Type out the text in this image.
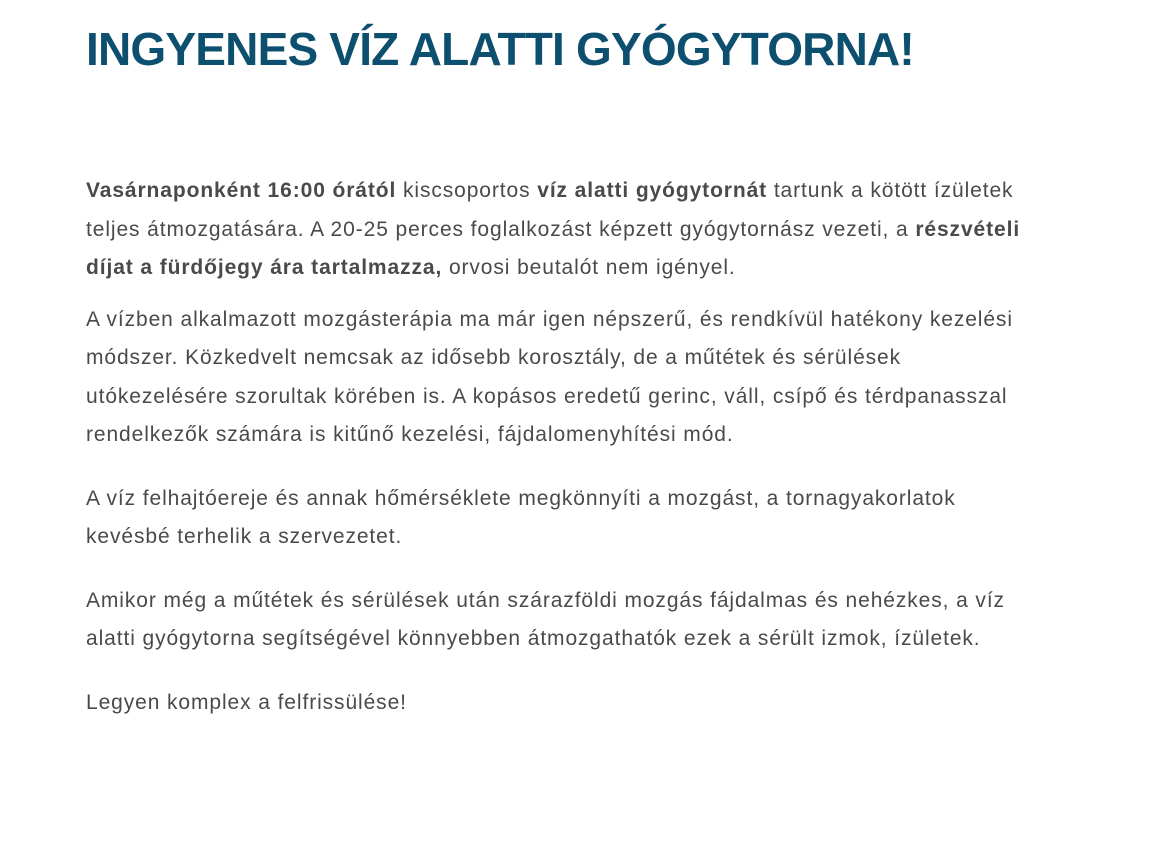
INGYENES VÍZ ALATTI GYÓGYTORNA!

Vasárnaponként 16:00 órától kiscsoportos víz alatti gyógytornát tartunk a kötött ízületek teljes átmozgatására. A 20-25 perces foglalkozást képzett gyógytornász vezeti, a részvételi díjat a fürdőjegy ára tartalmazza, orvosi beutalót nem igényel.

A vízben alkalmazott mozgásterápia ma már igen népszerű, és rendkívül hatékony kezelési módszer. Közkedvelt nemcsak az idősebb korosztály, de a műtétek és sérülések utókezelésére szorultak körében is. A kopásos eredetű gerinc, váll, csípő és térdpanasszal rendelkezők számára is kitűnő kezelési, fájdalomenyhítési mód.

A víz felhajtóereje és annak hőmérséklete megkönnyíti a mozgást, a tornagyakorlatok kevésbé terhelik a szervezetet.

Amikor még a műtétek és sérülések után szárazföldi mozgás fájdalmas és nehézkes, a víz alatti gyógytorna segítségével könnyebben átmozgathatók ezek a sérült izmok, ízületek.

Legyen komplex a felfrissülése!
